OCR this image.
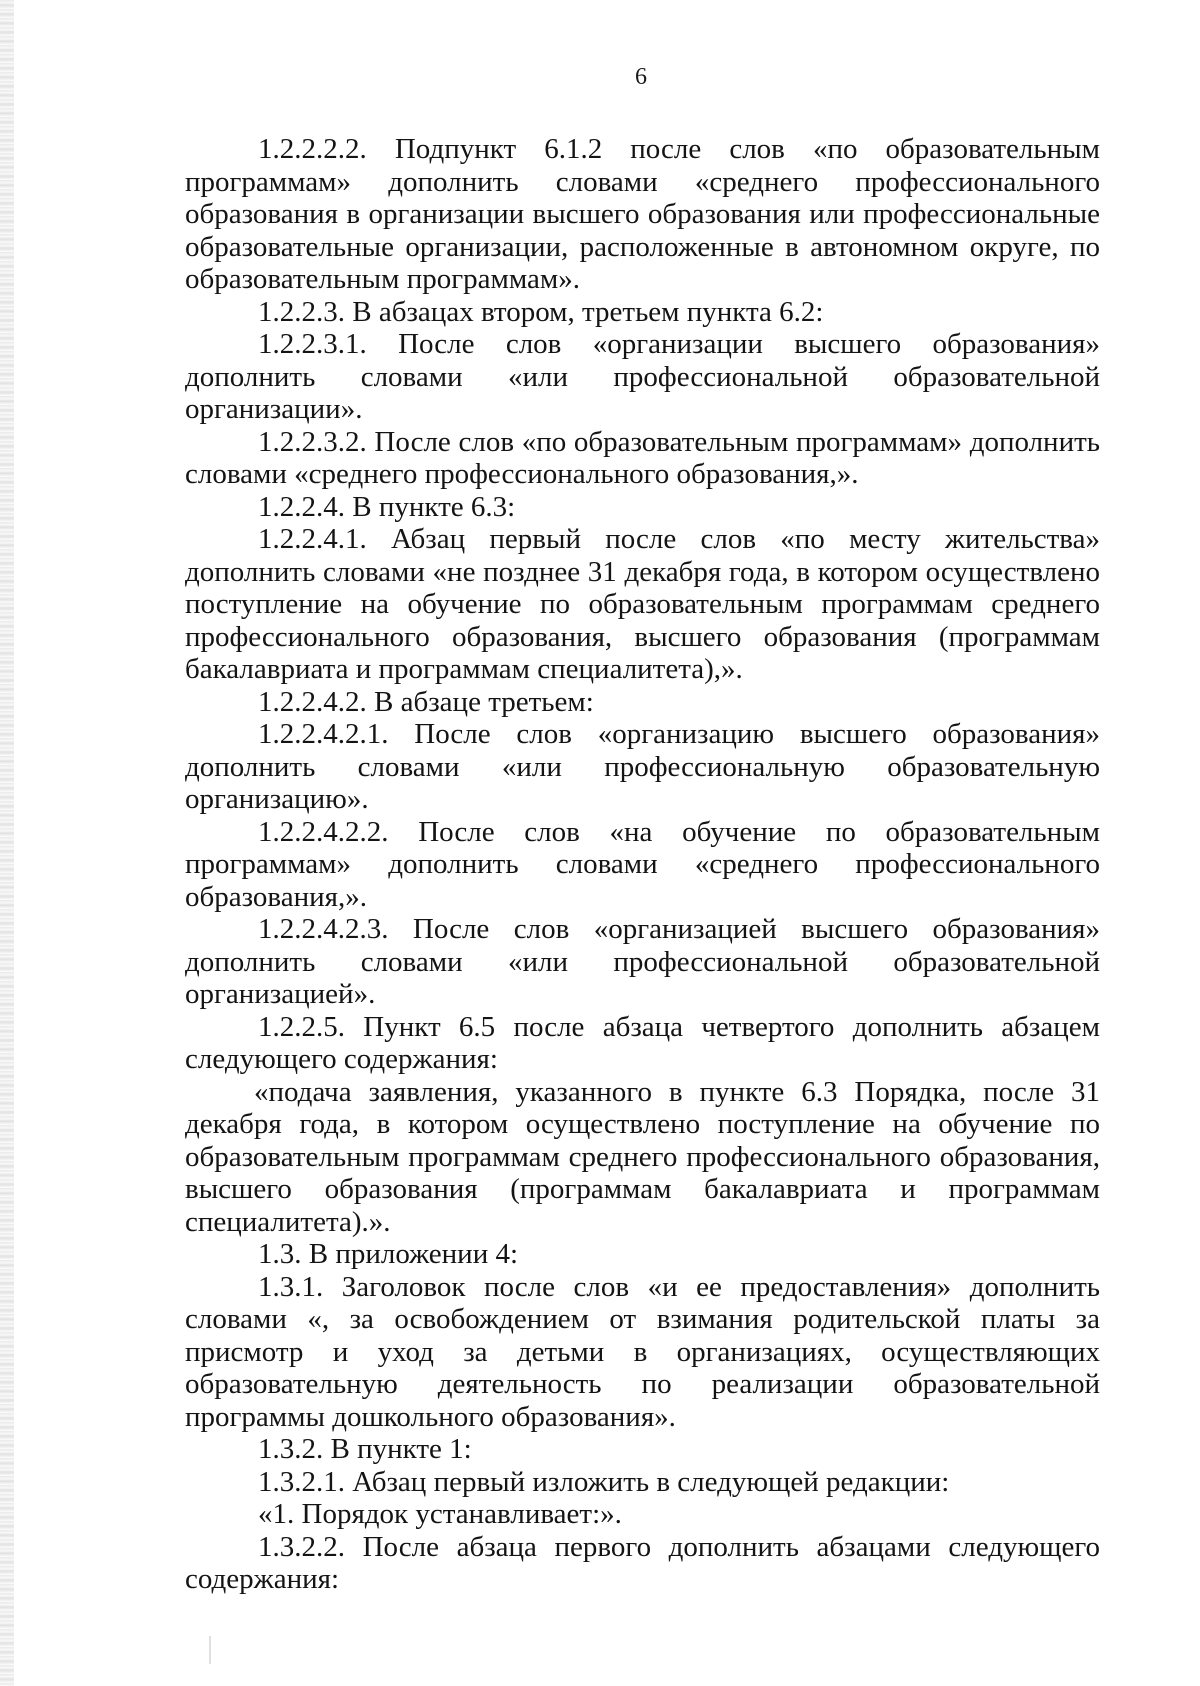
6

1.2.2.2.2. Подпункт 6.1.2 после слов «по образовательным программам» дополнить словами «среднего профессионального образования в организации высшего образования или профессиональные образовательные организации, расположенные в автономном округе, по образовательным программам».

1.2.2.3. В абзацах втором, третьем пункта 6.2:

1.2.2.3.1. После слов «организации высшего образования» дополнить словами «или профессиональной образовательной организации».

1.2.2.3.2. После слов «по образовательным программам» дополнить словами «среднего профессионального образования,».

1.2.2.4. В пункте 6.3:

1.2.2.4.1. Абзац первый после слов «по месту жительства» дополнить словами «не позднее 31 декабря года, в котором осуществлено поступление на обучение по образовательным программам среднего профессионального образования, высшего образования (программам бакалавриата и программам специалитета),».

1.2.2.4.2. В абзаце третьем:

1.2.2.4.2.1. После слов «организацию высшего образования» дополнить словами «или профессиональную образовательную организацию».

1.2.2.4.2.2. После слов «на обучение по образовательным программам» дополнить словами «среднего профессионального образования,».

1.2.2.4.2.3. После слов «организацией высшего образования» дополнить словами «или профессиональной образовательной организацией».

1.2.2.5. Пункт 6.5 после абзаца четвертого дополнить абзацем следующего содержания:

«подача заявления, указанного в пункте 6.3 Порядка, после 31 декабря года, в котором осуществлено поступление на обучение по образовательным программам среднего профессионального образования, высшего образования (программам бакалавриата и программам специалитета).».

1.3. В приложении 4:

1.3.1. Заголовок после слов «и ее предоставления» дополнить словами «, за освобождением от взимания родительской платы за присмотр и уход за детьми в организациях, осуществляющих образовательную деятельность по реализации образовательной программы дошкольного образования».

1.3.2. В пункте 1:

1.3.2.1. Абзац первый изложить в следующей редакции:

«1. Порядок устанавливает:».

1.3.2.2. После абзаца первого дополнить абзацами следующего содержания:
